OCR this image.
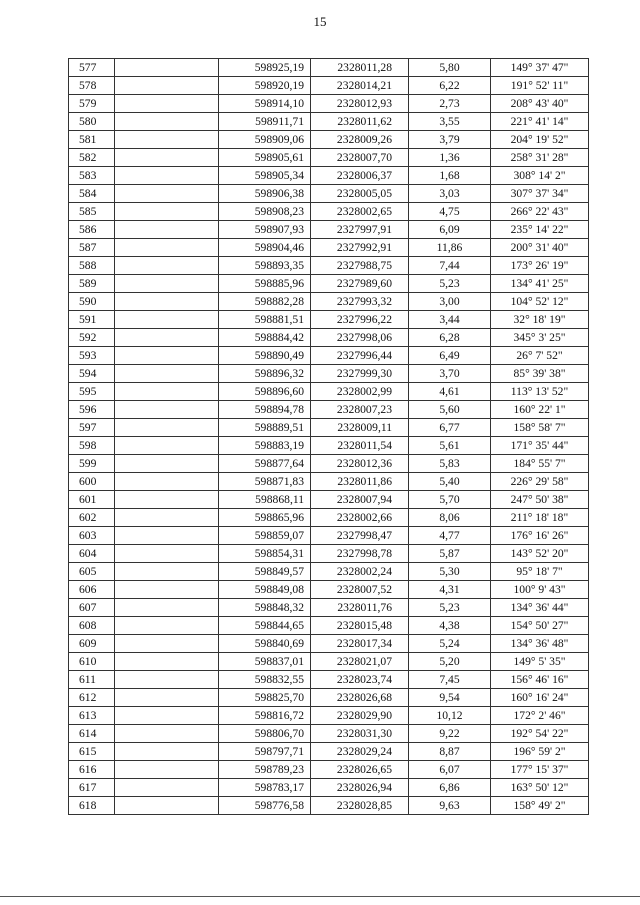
15
577		598925,19	2328011,28	5,80	149° 37' 47"
578		598920,19	2328014,21	6,22	191° 52' 11"
579		598914,10	2328012,93	2,73	208° 43' 40"
580		598911,71	2328011,62	3,55	221° 41' 14"
581		598909,06	2328009,26	3,79	204° 19' 52"
582		598905,61	2328007,70	1,36	258° 31' 28"
583		598905,34	2328006,37	1,68	308° 14' 2"
584		598906,38	2328005,05	3,03	307° 37' 34"
585		598908,23	2328002,65	4,75	266° 22' 43"
586		598907,93	2327997,91	6,09	235° 14' 22"
587		598904,46	2327992,91	11,86	200° 31' 40"
588		598893,35	2327988,75	7,44	173° 26' 19"
589		598885,96	2327989,60	5,23	134° 41' 25"
590		598882,28	2327993,32	3,00	104° 52' 12"
591		598881,51	2327996,22	3,44	32° 18' 19"
592		598884,42	2327998,06	6,28	345° 3' 25"
593		598890,49	2327996,44	6,49	26° 7' 52"
594		598896,32	2327999,30	3,70	85° 39' 38"
595		598896,60	2328002,99	4,61	113° 13' 52"
596		598894,78	2328007,23	5,60	160° 22' 1"
597		598889,51	2328009,11	6,77	158° 58' 7"
598		598883,19	2328011,54	5,61	171° 35' 44"
599		598877,64	2328012,36	5,83	184° 55' 7"
600		598871,83	2328011,86	5,40	226° 29' 58"
601		598868,11	2328007,94	5,70	247° 50' 38"
602		598865,96	2328002,66	8,06	211° 18' 18"
603		598859,07	2327998,47	4,77	176° 16' 26"
604		598854,31	2327998,78	5,87	143° 52' 20"
605		598849,57	2328002,24	5,30	95° 18' 7"
606		598849,08	2328007,52	4,31	100° 9' 43"
607		598848,32	2328011,76	5,23	134° 36' 44"
608		598844,65	2328015,48	4,38	154° 50' 27"
609		598840,69	2328017,34	5,24	134° 36' 48"
610		598837,01	2328021,07	5,20	149° 5' 35"
611		598832,55	2328023,74	7,45	156° 46' 16"
612		598825,70	2328026,68	9,54	160° 16' 24"
613		598816,72	2328029,90	10,12	172° 2' 46"
614		598806,70	2328031,30	9,22	192° 54' 22"
615		598797,71	2328029,24	8,87	196° 59' 2"
616		598789,23	2328026,65	6,07	177° 15' 37"
617		598783,17	2328026,94	6,86	163° 50' 12"
618		598776,58	2328028,85	9,63	158° 49' 2"
